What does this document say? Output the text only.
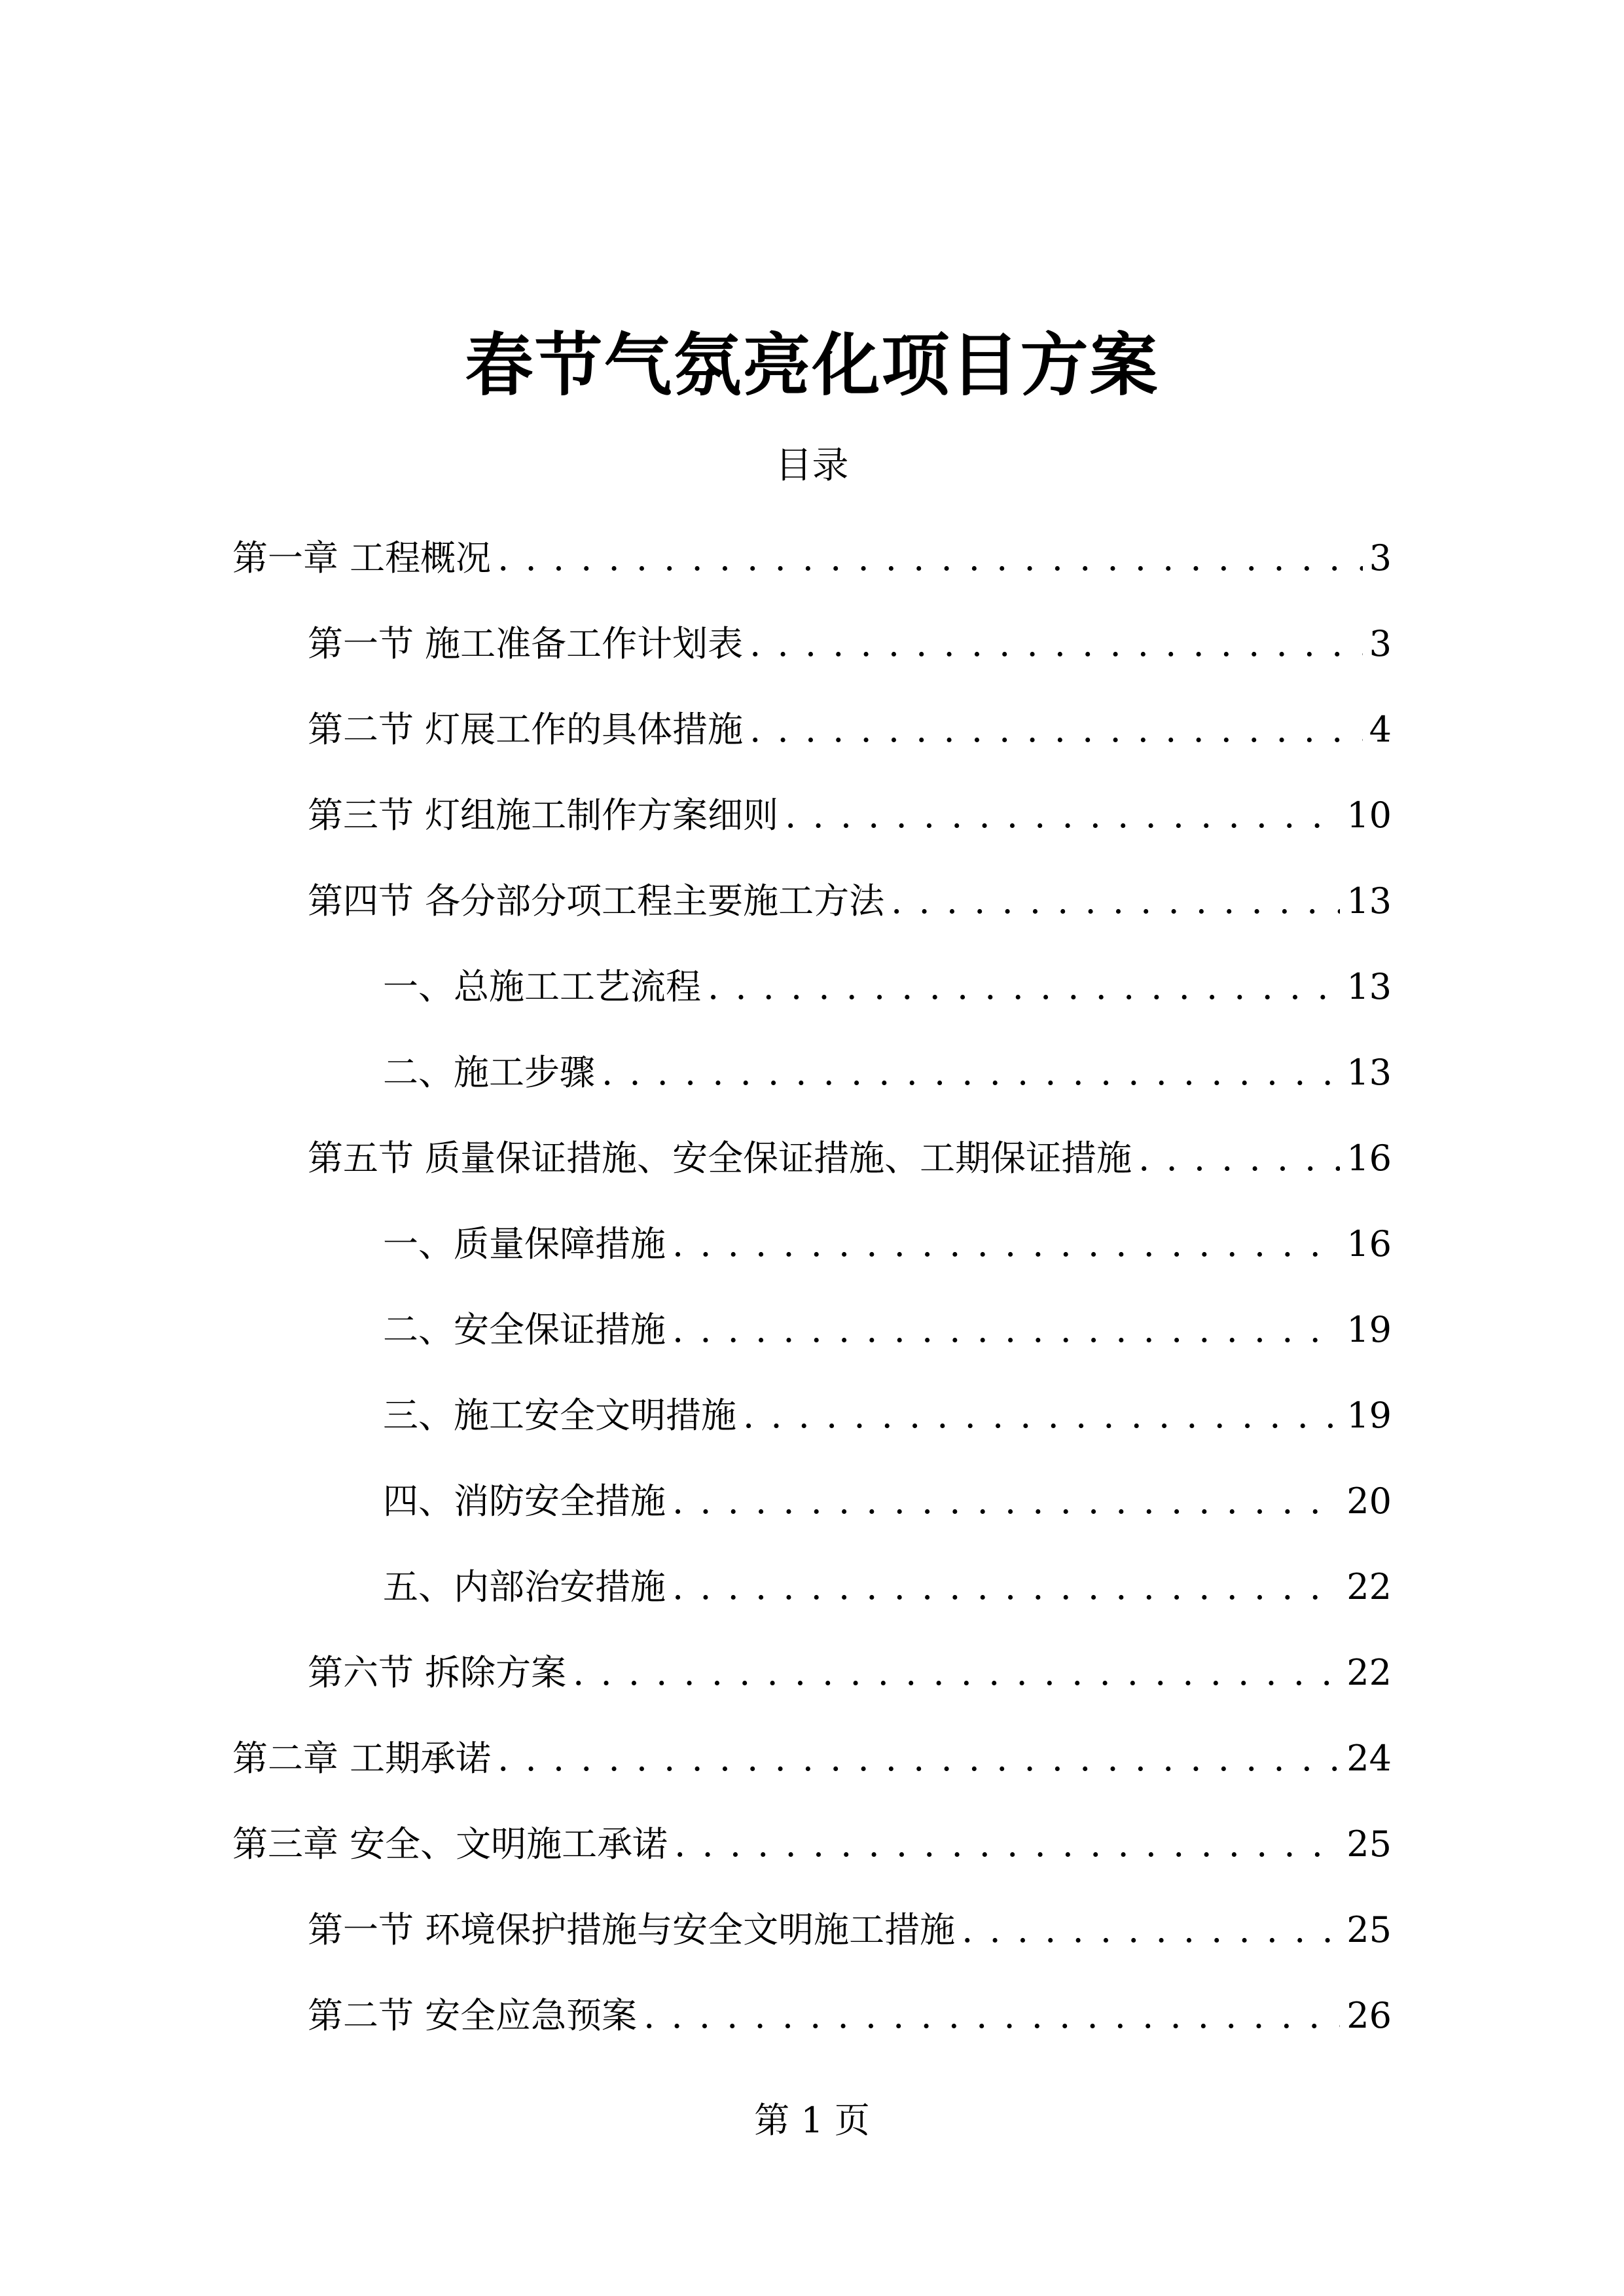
春节气氛亮化项目方案
目录
第一章 工程概况 . . .	3
第一节 施工准备工作计划表 . . .	3
第二节 灯展工作的具体措施 . . .	4
第三节 灯组施工制作方案细则 . . .	10
第四节 各分部分项工程主要施工方法 . . .	13
一、总施工工艺流程 . . .	13
二、施工步骤 . . .	13
第五节 质量保证措施、安全保证措施、工期保证措施 . . .	16
一、质量保障措施 . . .	16
二、安全保证措施 . . .	19
三、施工安全文明措施 . . .	19
四、消防安全措施 . . .	20
五、内部治安措施 . . .	22
第六节 拆除方案 . . .	22
第二章 工期承诺 . . .	24
第三章 安全、文明施工承诺 . . .	25
第一节 环境保护措施与安全文明施工措施 . . .	25
第二节 安全应急预案 . . .	26
第 1 页
